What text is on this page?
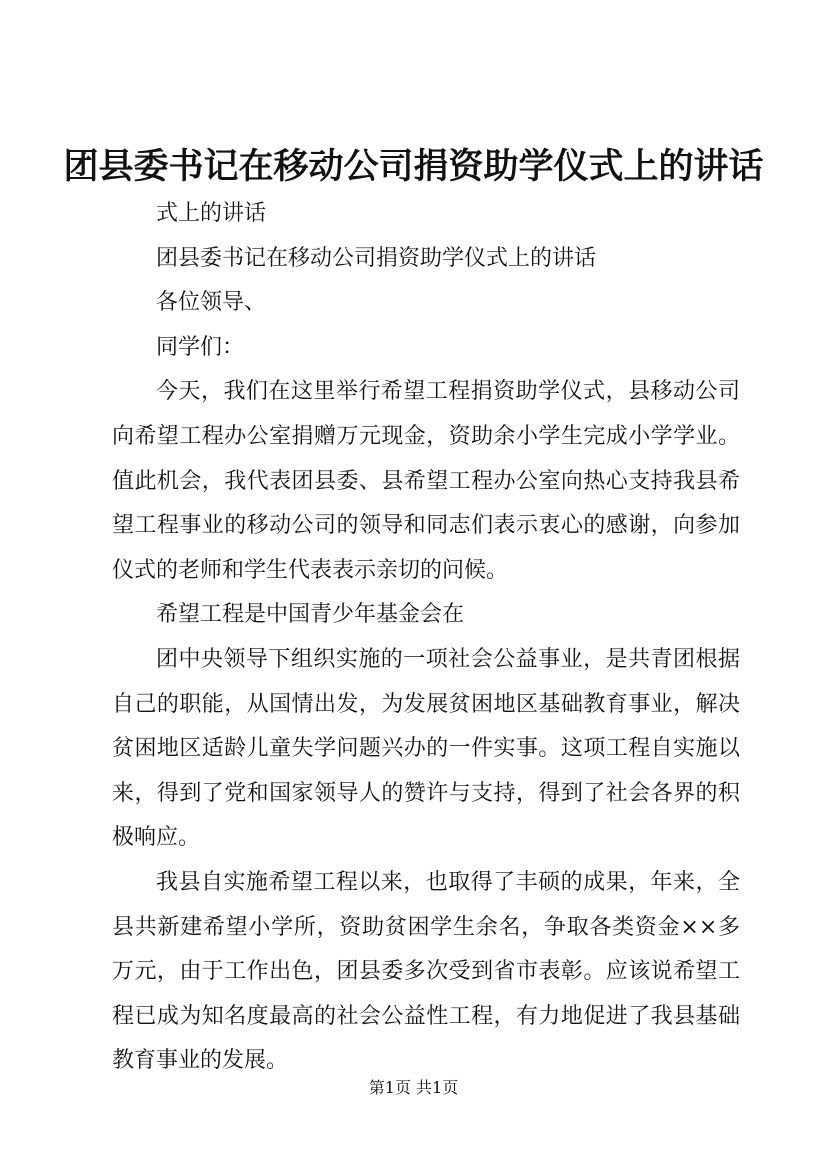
团县委书记在移动公司捐资助学仪式上的讲话

式上的讲话

团县委书记在移动公司捐资助学仪式上的讲话

各位领导、

同学们：

今天，我们在这里举行希望工程捐资助学仪式，县移动公司向希望工程办公室捐赠万元现金，资助余小学生完成小学学业。值此机会，我代表团县委、县希望工程办公室向热心支持我县希望工程事业的移动公司的领导和同志们表示衷心的感谢，向参加仪式的老师和学生代表表示亲切的问候。

希望工程是中国青少年基金会在

团中央领导下组织实施的一项社会公益事业，是共青团根据自己的职能，从国情出发，为发展贫困地区基础教育事业，解决贫困地区适龄儿童失学问题兴办的一件实事。这项工程自实施以来，得到了党和国家领导人的赞许与支持，得到了社会各界的积极响应。

我县自实施希望工程以来，也取得了丰硕的成果，年来，全县共新建希望小学所，资助贫困学生余名，争取各类资金××多万元，由于工作出色，团县委多次受到省市表彰。应该说希望工程已成为知名度最高的社会公益性工程，有力地促进了我县基础教育事业的发展。

第1页 共1页
